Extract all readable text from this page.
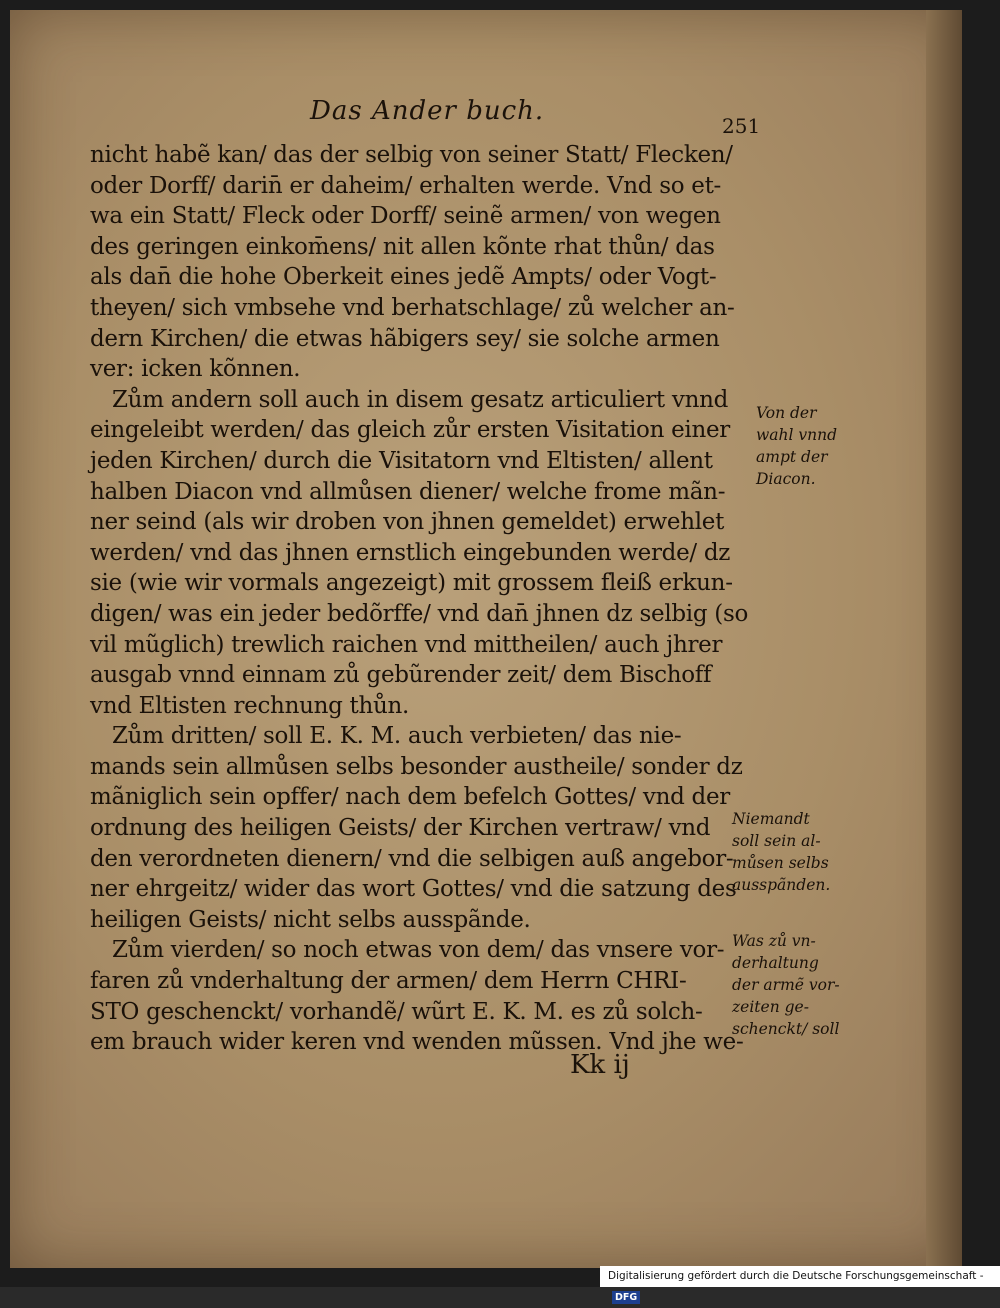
Das Ander buch.	251
nicht habẽ kan/ das der selbig von seiner Statt/ Flecken/
oder Dorff/ darin̄ er daheim/ erhalten werde. Vnd so et-
wa ein Statt/ Fleck oder Dorff/ seinẽ armen/ von wegen
des geringen einkom̄ens/ nit allen kõnte rhat thůn/ das
als dan̄ die hohe Oberkeit eines jedẽ Ampts/ oder Vogt-
theyen/ sich vmbsehe vnd berhatschlage/ zů welcher an-
dern Kirchen/ die etwas hãbigers sey/ sie solche armen
ver: icken kõnnen.
Zům andern soll auch in disem gesatz articuliert vnnd
eingeleibt werden/ das gleich zůr ersten Visitation einer
jeden Kirchen/ durch die Visitatorn vnd Eltisten/ allent
halben Diacon vnd allmůsen diener/ welche frome mãn-
ner seind (als wir droben von jhnen gemeldet) erwehlet
werden/ vnd das jhnen ernstlich eingebunden werde/ dz
sie (wie wir vormals angezeigt) mit grossem fleiß erkun-
digen/ was ein jeder bedõrffe/ vnd dan̄ jhnen dz selbig (so
vil mũglich) trewlich raichen vnd mittheilen/ auch jhrer
ausgab vnnd einnam zů gebũrender zeit/ dem Bischoff
vnd Eltisten rechnung thůn.
Zům dritten/ soll E. K. M. auch verbieten/ das nie-
mands sein allmůsen selbs besonder austheile/ sonder dz
mãniglich sein opffer/ nach dem befelch Gottes/ vnd der
ordnung des heiligen Geists/ der Kirchen vertraw/ vnd
den verordneten dienern/ vnd die selbigen auß angebor-
ner ehrgeitz/ wider das wort Gottes/ vnd die satzung des
heiligen Geists/ nicht selbs ausspãnde.
Zům vierden/ so noch etwas von dem/ das vnsere vor-
faren zů vnderhaltung der armen/ dem Herrn CHRI-
STO geschenckt/ vorhandẽ/ wũrt E. K. M. es zů solch-
em brauch wider keren vnd wenden mũssen. Vnd jhe we-
Von der
wahl vnnd
ampt der
Diacon.
Niemandt
soll sein al-
můsen selbs
ausspãnden.
Was zů vn-
derhaltung
der armẽ vor-
zeiten ge-
schenckt/ soll
Kk ij
Digitalisierung gefördert durch die Deutsche Forschungsgemeinschaft - DFG
